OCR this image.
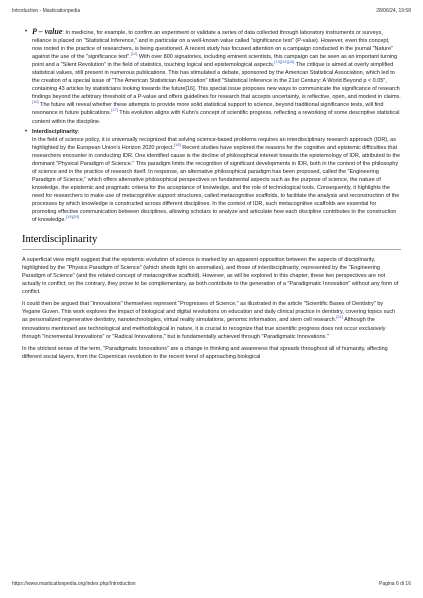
Introduction - Masticationpedia	28/06/24, 19:58
• P – value: In medicine, for example, to confirm an experiment or validate a series of data collected through laboratory instruments or surveys, reliance is placed on "Statistical Inference," and in particular on a well-known value called "significance test" (P-value). However, even this concept, now rooted in the practice of researchers, is being questioned. A recent study has focused attention on a campaign conducted in the journal "Nature" against the use of the "significance test".[12] With over 800 signatories, including eminent scientists, this campaign can be seen as an important turning point and a "Silent Revolution" in the field of statistics, touching logical and epistemological aspects.[13][14][15] The critique is aimed at overly simplified statistical values, still present in numerous publications. This has stimulated a debate, sponsored by the American Statistical Association, which led to the creation of a special issue of "The American Statistician Association" titled "Statistical Inference in the 21st Century: A World Beyond p < 0.05", containing 43 articles by statisticians looking towards the future[16]. This special issue proposes new ways to communicate the significance of research findings beyond the arbitrary threshold of a P-value and offers guidelines for research that accepts uncertainty, is reflective, open, and modest in claims.[16] The future will reveal whether these attempts to provide more solid statistical support to science, beyond traditional significance tests, will find resonance in future publications.[17] This evolution aligns with Kuhn's concept of scientific progress, reflecting a reworking of some descriptive statistical content within the discipline.
• Interdisciplinarity:
In the field of science policy, it is universally recognized that solving science-based problems requires an interdisciplinary research approach (IDR), as highlighted by the European Union's Horizon 2020 project.[18] Recent studies have explored the reasons for the cognitive and epistemic difficulties that researchers encounter in conducting IDR. One identified cause is the decline of philosophical interest towards the epistemology of IDR, attributed to the dominant "Physical Paradigm of Science." This paradigm limits the recognition of significant developments in IDR, both in the context of the philosophy of science and in the practice of research itself. In response, an alternative philosophical paradigm has been proposed, called the "Engineering Paradigm of Science," which offers alternative philosophical perspectives on fundamental aspects such as the purpose of science, the nature of knowledge, the epistemic and pragmatic criteria for the acceptance of knowledge, and the role of technological tools. Consequently, it highlights the need for researchers to make use of metacognitive support structures, called metacognitive scaffolds, to facilitate the analysis and reconstruction of the processes by which knowledge is constructed across different disciplines. In the context of IDR, such metacognitive scaffolds are essential for promoting effective communication between disciplines, allowing scholars to analyze and articulate how each discipline contributes to the construction of knowledge.[19][20]
Interdisciplinarity

A superficial view might suggest that the epistemic evolution of science is marked by an apparent opposition between the aspects of disciplinarity, highlighted by the "Physics Paradigm of Science" (which sheds light on anomalies), and those of interdisciplinarity, represented by the "Engineering Paradigm of Science" (and the related concept of metacognitive scaffold). However, as will be explored in this chapter, these two perspectives are not actually in conflict; on the contrary, they prove to be complementary, as both contribute to the generation of a "Paradigmatic Innovation" without any form of conflict.

It could then be argued that "Innovations" themselves represent "Progresses of Science," as illustrated in the article "Scientific Bases of Dentistry" by Yegane Guven. This work explores the impact of biological and digital revolutions on education and daily clinical practice in dentistry, covering topics such as personalized regenerative dentistry, nanotechnologies, virtual reality simulations, genomic information, and stem cell research.[21] Although the innovations mentioned are technological and methodological in nature, it is crucial to recognize that true scientific progress does not occur exclusively through "Incremental Innovations" or "Radical Innovations," but is fundamentally achieved through "Paradigmatic Innovations."

In the strictest sense of the term, "Paradigmatic Innovations" are a change in thinking and awareness that spreads throughout all of humanity, affecting different social layers, from the Copernican revolution to the recent trend of approaching biological

https://www.masticationpedia.org/index.php/Introduction	Pagina 6 di 16
